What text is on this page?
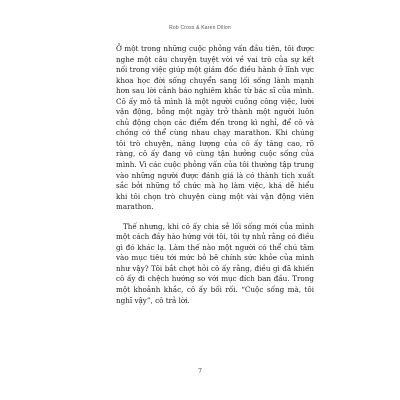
Rob Cross & Karen Dillon

Ở một trong những cuộc phỏng vấn đầu tiên, tôi được nghe một câu chuyện tuyệt vời về vai trò của sự kết nối trong việc giúp một giám đốc điều hành ở lĩnh vực khoa học đời sống chuyển sang lối sống lành mạnh hơn sau lời cảnh báo nghiêm khắc từ bác sĩ của mình. Cô ấy mô tả mình là một người cuồng công việc, lười vận động, bỗng một ngày trở thành một người luôn chủ động chọn các điểm đến trong kì nghỉ, để cô và chồng có thể cùng nhau chạy marathon. Khi chúng tôi trò chuyện, năng lượng của cô ấy tăng cao, rõ ràng, cô ấy đang vô cùng tận hưởng cuộc sống của mình. Vì các cuộc phỏng vấn của tôi thường tập trung vào những người được đánh giá là có thành tích xuất sắc bởi những tổ chức mà họ làm việc, khá dễ hiểu khi tôi chọn trò chuyện cùng một vài vận động viên marathon.

Thế nhưng, khi cô ấy chia sẻ lối sống mới của mình một cách đầy hào hứng với tôi, tôi tự nhủ rằng có điều gì đó khác lạ. Làm thế nào một người có thể chú tâm vào mục tiêu tới mức bỏ bê chính sức khỏe của mình như vậy? Tôi bắt chợt hỏi cô ấy rằng, điều gì đã khiến cô ấy đi chệch hướng so với mục đích ban đầu. Trong một khoảnh khắc, cô ấy bối rối. “Cuộc sống mà, tôi nghĩ vậy”, cô trả lời.

7
